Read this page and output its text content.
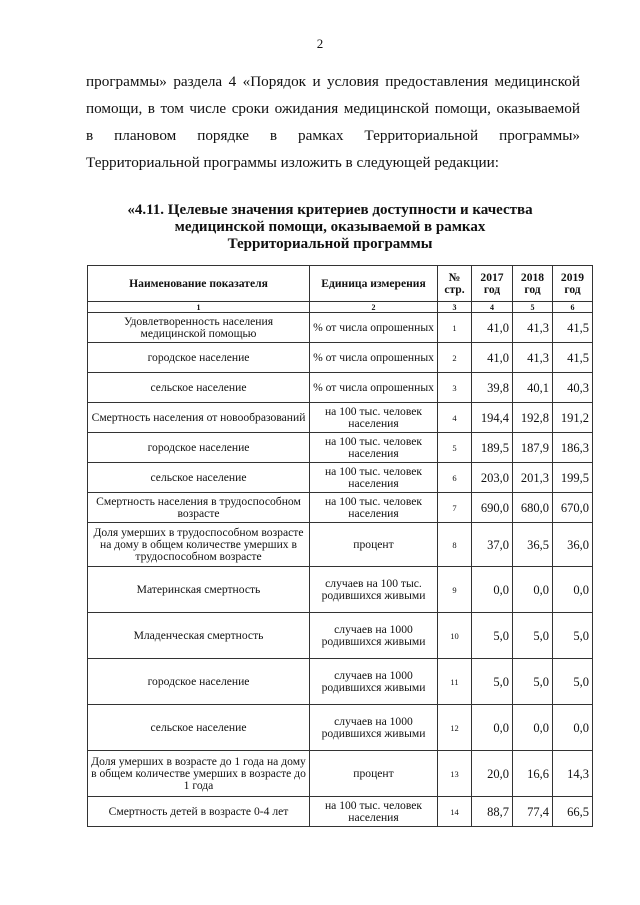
2
программы» раздела 4 «Порядок и условия предоставления медицинской
помощи, в том числе сроки ожидания медицинской помощи, оказываемой
в плановом порядке в рамках Территориальной программы»
Территориальной программы изложить в следующей редакции:
«4.11. Целевые значения критериев доступности и качества
медицинской помощи, оказываемой в рамках
Территориальной программы
Наименование показателя	Единица измерения	№ стр.	2017 год	2018 год	2019 год
1	2	3	4	5	6
Удовлетворенность населения медицинской помощью	% от числа опрошенных	1	41,0	41,3	41,5
городское население	% от числа опрошенных	2	41,0	41,3	41,5
сельское население	% от числа опрошенных	3	39,8	40,1	40,3
Смертность населения от новообразований	на 100 тыс. человек населения	4	194,4	192,8	191,2
городское население	на 100 тыс. человек населения	5	189,5	187,9	186,3
сельское население	на 100 тыс. человек населения	6	203,0	201,3	199,5
Смертность населения в трудоспособном возрасте	на 100 тыс. человек населения	7	690,0	680,0	670,0
Доля умерших в трудоспособном возрасте на дому в общем количестве умерших в трудоспособном возрасте	процент	8	37,0	36,5	36,0
Материнская смертность	случаев на 100 тыс. родившихся живыми	9	0,0	0,0	0,0
Младенческая смертность	случаев на 1000 родившихся живыми	10	5,0	5,0	5,0
городское население	случаев на 1000 родившихся живыми	11	5,0	5,0	5,0
сельское население	случаев на 1000 родившихся живыми	12	0,0	0,0	0,0
Доля умерших в возрасте до 1 года на дому в общем количестве умерших в возрасте до 1 года	процент	13	20,0	16,6	14,3
Смертность детей в возрасте 0-4 лет	на 100 тыс. человек населения	14	88,7	77,4	66,5
